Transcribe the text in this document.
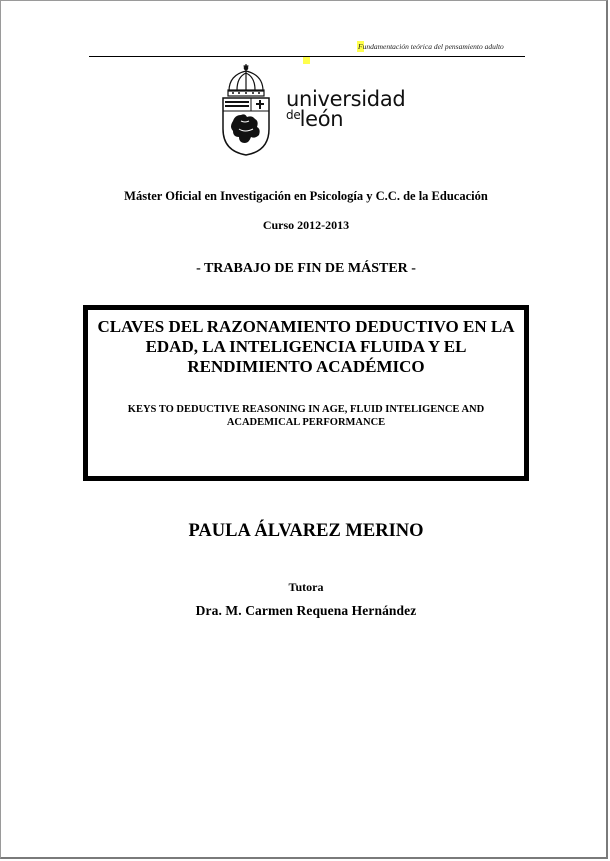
Fundamentación teórica del pensamiento adulto
universidad
$^{de}$león
Máster Oficial en Investigación en Psicología y C.C. de la Educación
Curso 2012-2013
- TRABAJO DE FIN DE MÁSTER -
CLAVES DEL RAZONAMIENTO DEDUCTIVO EN LA EDAD, LA INTELIGENCIA FLUIDA Y EL RENDIMIENTO ACADÉMICO
KEYS TO DEDUCTIVE REASONING IN AGE, FLUID INTELIGENCE AND ACADEMICAL PERFORMANCE
PAULA ÁLVAREZ MERINO
Tutora
Dra. M. Carmen Requena Hernández
